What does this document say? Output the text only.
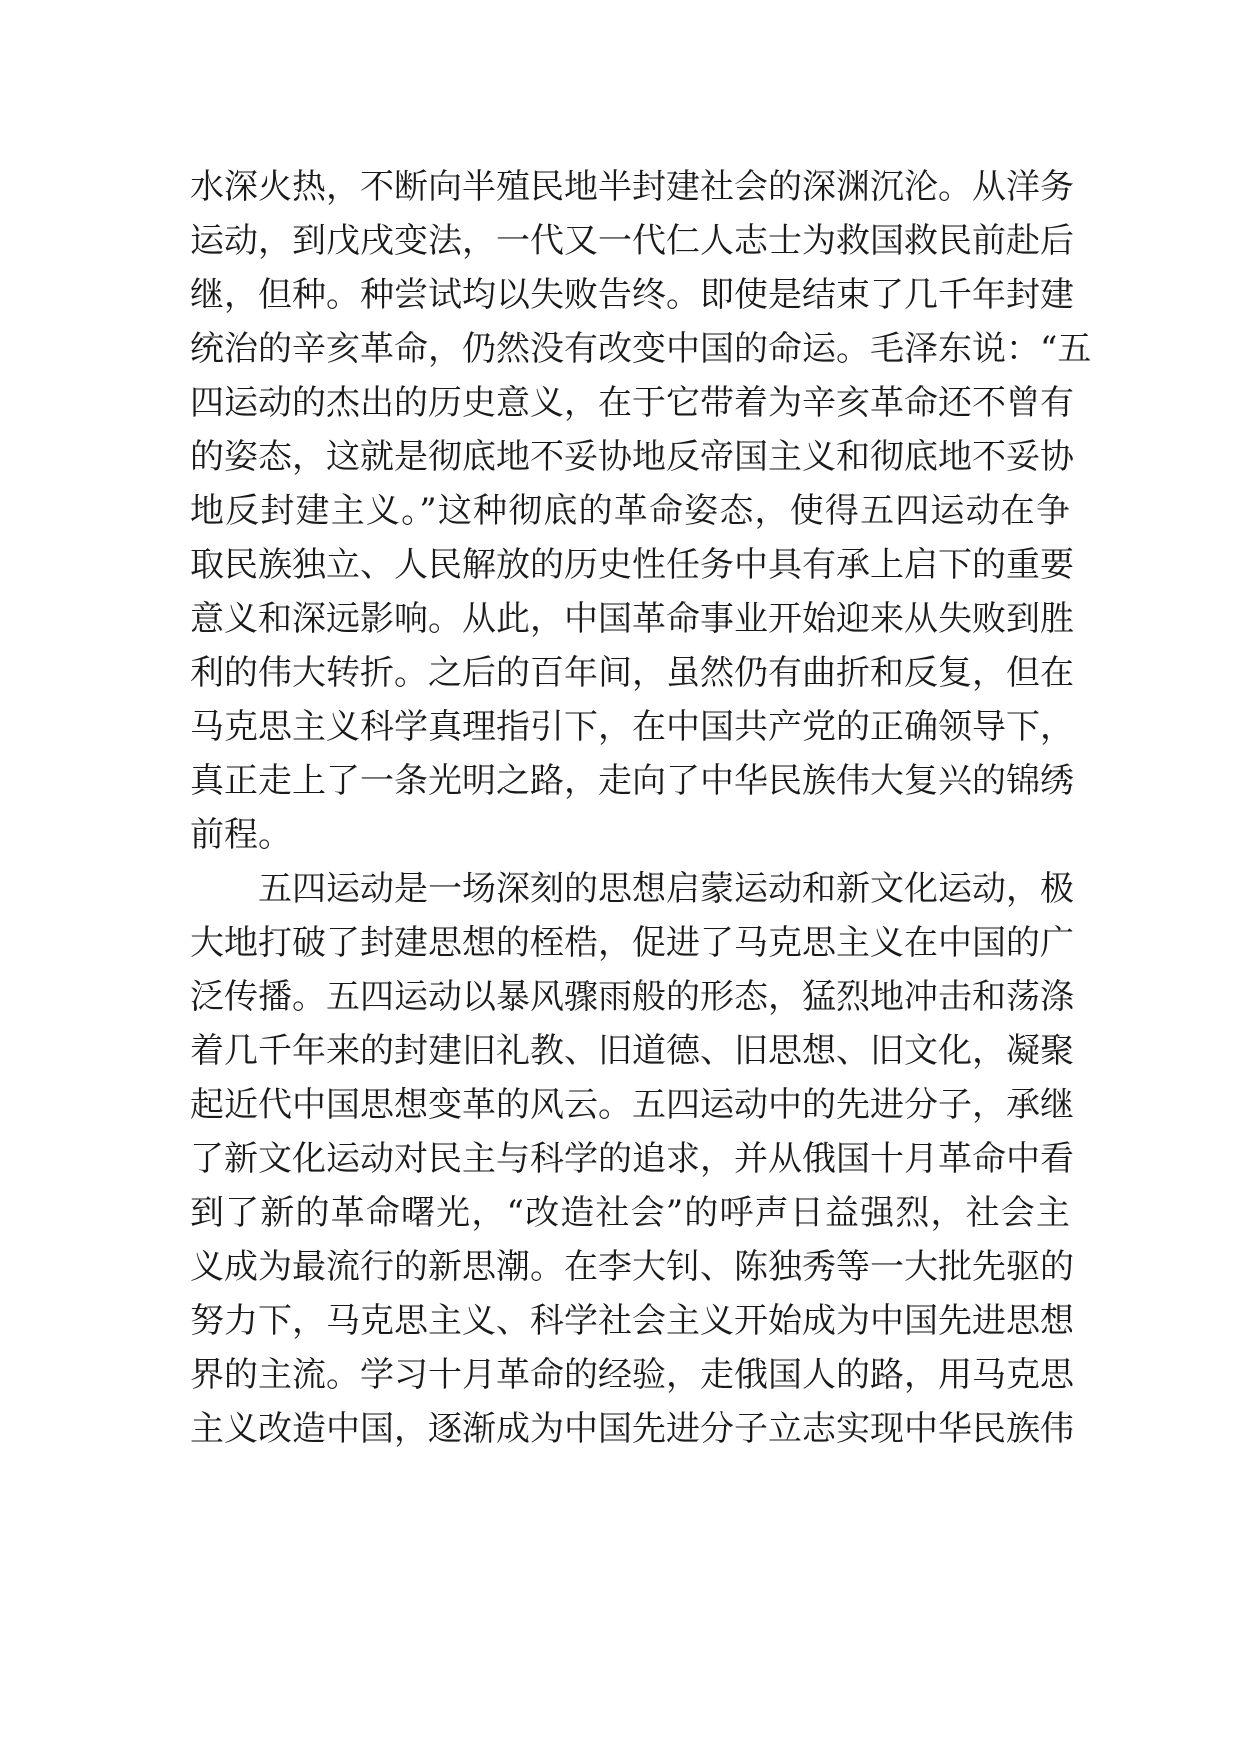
水深火热，不断向半殖民地半封建社会的深渊沉沦。从洋务
运动，到戊戌变法，一代又一代仁人志士为救国救民前赴后
继，但种。种尝试均以失败告终。即使是结束了几千年封建
统治的辛亥革命，仍然没有改变中国的命运。毛泽东说：“五
四运动的杰出的历史意义，在于它带着为辛亥革命还不曾有
的姿态，这就是彻底地不妥协地反帝国主义和彻底地不妥协
地反封建主义。”这种彻底的革命姿态，使得五四运动在争
取民族独立、人民解放的历史性任务中具有承上启下的重要
意义和深远影响。从此，中国革命事业开始迎来从失败到胜
利的伟大转折。之后的百年间，虽然仍有曲折和反复，但在
马克思主义科学真理指引下，在中国共产党的正确领导下，
真正走上了一条光明之路，走向了中华民族伟大复兴的锦绣
前程。
　　五四运动是一场深刻的思想启蒙运动和新文化运动，极
大地打破了封建思想的桎梏，促进了马克思主义在中国的广
泛传播。五四运动以暴风骤雨般的形态，猛烈地冲击和荡涤
着几千年来的封建旧礼教、旧道德、旧思想、旧文化，凝聚
起近代中国思想变革的风云。五四运动中的先进分子，承继
了新文化运动对民主与科学的追求，并从俄国十月革命中看
到了新的革命曙光，“改造社会”的呼声日益强烈，社会主
义成为最流行的新思潮。在李大钊、陈独秀等一大批先驱的
努力下，马克思主义、科学社会主义开始成为中国先进思想
界的主流。学习十月革命的经验，走俄国人的路，用马克思
主义改造中国，逐渐成为中国先进分子立志实现中华民族伟
